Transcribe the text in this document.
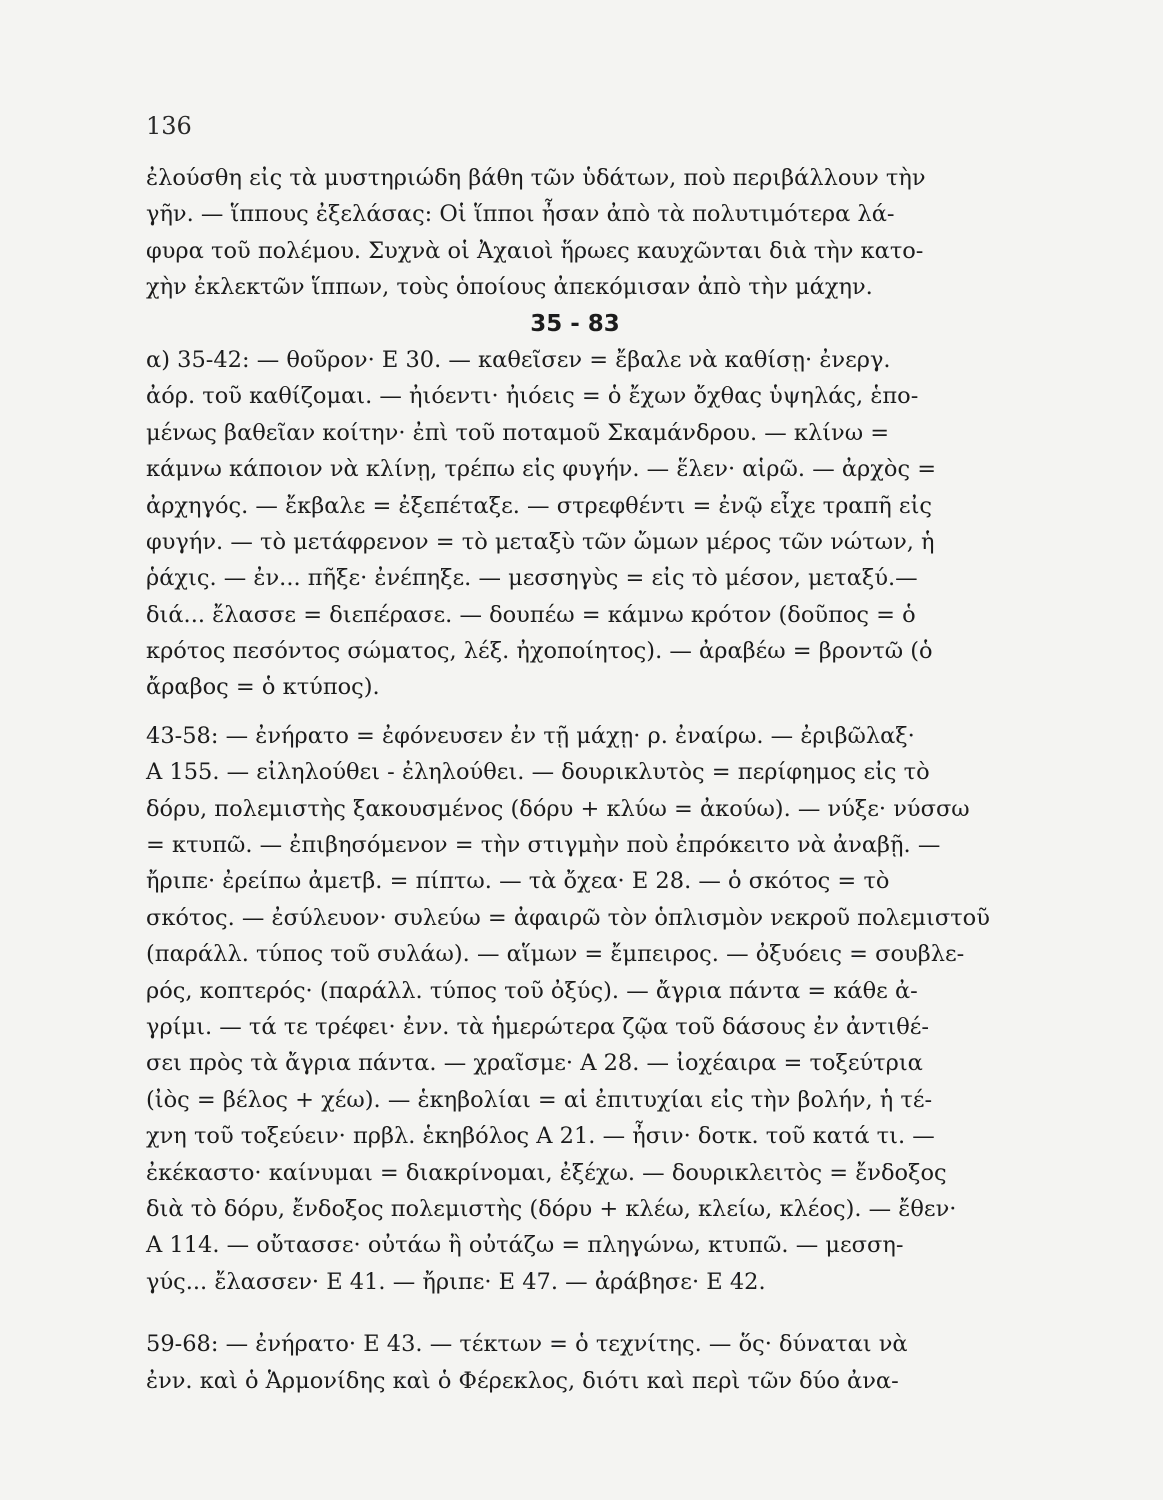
136
ἐλούσθη εἰς τὰ μυστηριώδη βάθη τῶν ὑδάτων, ποὺ περιβάλλουν τὴν
γῆν. — ἵππους ἐξελάσας: Οἱ ἵπποι ἦσαν ἀπὸ τὰ πολυτιμότερα λά-
φυρα τοῦ πολέμου. Συχνὰ οἱ Ἀχαιοὶ ἥρωες καυχῶνται διὰ τὴν κατο-
χὴν ἐκλεκτῶν ἵππων, τοὺς ὁποίους ἀπεκόμισαν ἀπὸ τὴν μάχην.
35 - 83
α) 35-42: — θοῦρον· Ε 30. — καθεῖσεν = ἔβαλε νὰ καθίσῃ· ἐνεργ.
ἀόρ. τοῦ καθίζομαι. — ἠιόεντι· ἠιόεις = ὁ ἔχων ὄχθας ὑψηλάς, ἑπο-
μένως βαθεῖαν κοίτην· ἐπὶ τοῦ ποταμοῦ Σκαμάνδρου. — κλίνω =
κάμνω κάποιον νὰ κλίνῃ, τρέπω εἰς φυγήν. — ἕλεν· αἱρῶ. — ἀρχὸς =
ἀρχηγός. — ἔκβαλε = ἐξεπέταξε. — στρεφθέντι = ἐνῷ εἶχε τραπῆ εἰς
φυγήν. — τὸ μετάφρενον = τὸ μεταξὺ τῶν ὤμων μέρος τῶν νώτων, ἡ
ῥάχις. — ἐν... πῆξε· ἐνέπηξε. — μεσσηγὺς = εἰς τὸ μέσον, μεταξύ.—
διά... ἔλασσε = διεπέρασε. — δουπέω = κάμνω κρότον (δοῦπος = ὁ
κρότος πεσόντος σώματος, λέξ. ἠχοποίητος). — ἀραβέω = βροντῶ (ὁ
ἄραβος = ὁ κτύπος).
43-58: — ἐνήρατο = ἐφόνευσεν ἐν τῇ μάχῃ· ρ. ἐναίρω. — ἐριβῶλαξ·
Α 155. — εἰληλούθει - ἐληλούθει. — δουρικλυτὸς = περίφημος εἰς τὸ
δόρυ, πολεμιστὴς ξακουσμένος (δόρυ + κλύω = ἀκούω). — νύξε· νύσσω
= κτυπῶ. — ἐπιβησόμενον = τὴν στιγμὴν ποὺ ἐπρόκειτο νὰ ἀναβῇ. —
ἤριπε· ἐρείπω ἀμετβ. = πίπτω. — τὰ ὄχεα· Ε 28. — ὁ σκότος = τὸ
σκότος. — ἐσύλευον· συλεύω = ἀφαιρῶ τὸν ὁπλισμὸν νεκροῦ πολεμιστοῦ
(παράλλ. τύπος τοῦ συλάω). — αἵμων = ἔμπειρος. — ὀξυόεις = σουβλε-
ρός, κοπτερός· (παράλλ. τύπος τοῦ ὀξύς). — ἄγρια πάντα = κάθε ἀ-
γρίμι. — τά τε τρέφει· ἐνν. τὰ ἡμερώτερα ζῷα τοῦ δάσους ἐν ἀντιθέ-
σει πρὸς τὰ ἄγρια πάντα. — χραῖσμε· Α 28. — ἰοχέαιρα = τοξεύτρια
(ἰὸς = βέλος + χέω). — ἑκηβολίαι = αἱ ἐπιτυχίαι εἰς τὴν βολήν, ἡ τέ-
χνη τοῦ τοξεύειν· πρβλ. ἑκηβόλος Α 21. — ἦσιν· δοτκ. τοῦ κατά τι. —
ἐκέκαστο· καίνυμαι = διακρίνομαι, ἐξέχω. — δουρικλειτὸς = ἔνδοξος
διὰ τὸ δόρυ, ἔνδοξος πολεμιστὴς (δόρυ + κλέω, κλείω, κλέος). — ἔθεν·
Α 114. — οὔτασσε· οὐτάω ἢ οὐτάζω = πληγώνω, κτυπῶ. — μεσση-
γύς... ἔλασσεν· Ε 41. — ἤριπε· Ε 47. — ἀράβησε· Ε 42.
59-68: — ἐνήρατο· Ε 43. — τέκτων = ὁ τεχνίτης. — ὅς· δύναται νὰ
ἐνν. καὶ ὁ Ἁρμονίδης καὶ ὁ Φέρεκλος, διότι καὶ περὶ τῶν δύο ἀνα-
